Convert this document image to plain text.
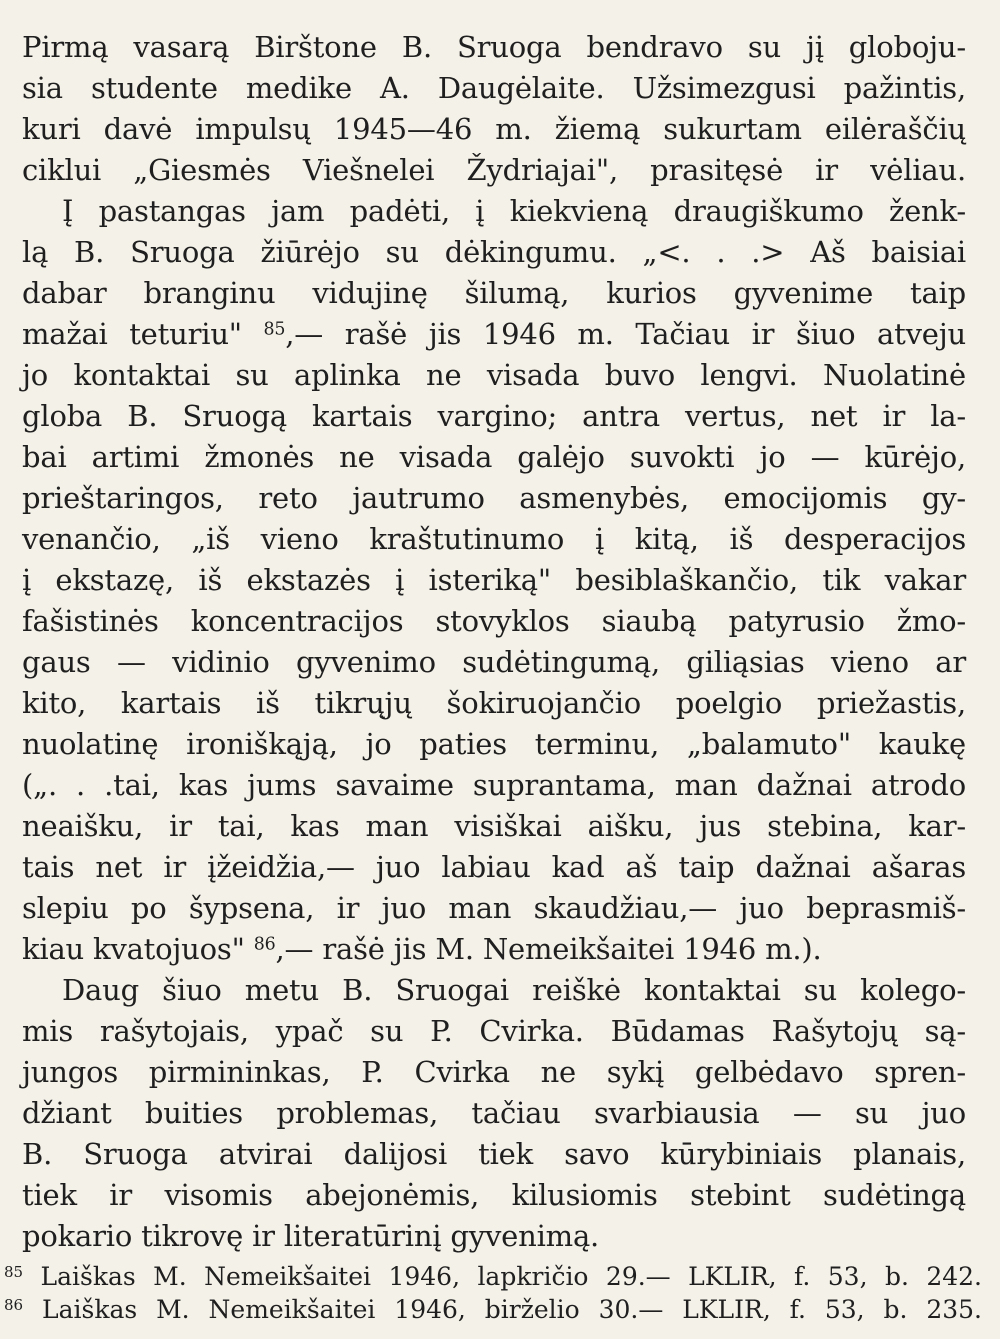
Pirmą vasarą Birštone B. Sruoga bendravo su jį globoju-
sia studente medike A. Daugėlaite. Užsimezgusi pažintis,
kuri davė impulsų 1945—46 m. žiemą sukurtam eilėraščių
ciklui „Giesmės Viešnelei Žydriajai", prasitęsė ir vėliau.
Į pastangas jam padėti, į kiekvieną draugiškumo ženk-
lą B. Sruoga žiūrėjo su dėkingumu. „<. . .> Aš baisiai
dabar branginu vidujinę šilumą, kurios gyvenime taip
mažai teturiu" $^{85}$,— rašė jis 1946 m. Tačiau ir šiuo atveju
jo kontaktai su aplinka ne visada buvo lengvi. Nuolatinė
globa B. Sruogą kartais vargino; antra vertus, net ir la-
bai artimi žmonės ne visada galėjo suvokti jo — kūrėjo,
prieštaringos, reto jautrumo asmenybės, emocijomis gy-
venančio, „iš vieno kraštutinumo į kitą, iš desperacijos
į ekstazę, iš ekstazės į isteriką" besiblaškančio, tik vakar
fašistinės koncentracijos stovyklos siaubą patyrusio žmo-
gaus — vidinio gyvenimo sudėtingumą, giliąsias vieno ar
kito, kartais iš tikrųjų šokiruojančio poelgio priežastis,
nuolatinę ironiškąją, jo paties terminu, „balamuto" kaukę
(„. . .tai, kas jums savaime suprantama, man dažnai atrodo
neaišku, ir tai, kas man visiškai aišku, jus stebina, kar-
tais net ir įžeidžia,— juo labiau kad aš taip dažnai ašaras
slepiu po šypsena, ir juo man skaudžiau,— juo beprasmiš-
kiau kvatojuos" $^{86}$,— rašė jis M. Nemeikšaitei 1946 m.).
Daug šiuo metu B. Sruogai reiškė kontaktai su kolego-
mis rašytojais, ypač su P. Cvirka. Būdamas Rašytojų są-
jungos pirmininkas, P. Cvirka ne sykį gelbėdavo spren-
džiant buities problemas, tačiau svarbiausia — su juo
B. Sruoga atvirai dalijosi tiek savo kūrybiniais planais,
tiek ir visomis abejonėmis, kilusiomis stebint sudėtingą
pokario tikrovę ir literatūrinį gyvenimą.
$^{85}$ Laiškas M. Nemeikšaitei 1946, lapkričio 29.— LKLIR, f. 53, b. 242.
$^{86}$ Laiškas M. Nemeikšaitei 1946, birželio 30.— LKLIR, f. 53, b. 235.
